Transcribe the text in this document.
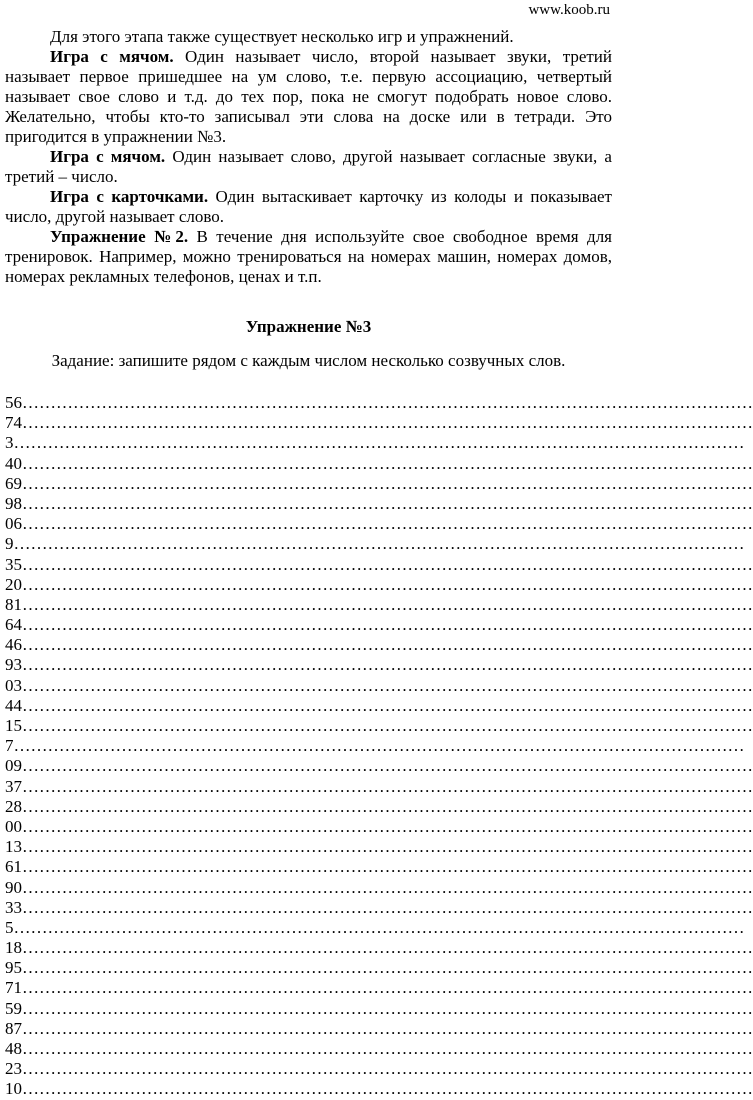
www.koob.ru

Для этого этапа также существует несколько игр и упражнений.

Игра с мячом. Один называет число, второй называет звуки, третий называет первое пришедшее на ум слово, т.е. первую ассоциацию, четвертый называет свое слово и т.д. до тех пор, пока не смогут подобрать новое слово. Желательно, чтобы кто-то записывал эти слова на доске или в тетради. Это пригодится в упражнении №3.

Игра с мячом. Один называет слово, другой называет согласные звуки, а третий – число.

Игра с карточками. Один вытаскивает карточку из колоды и показывает число, другой называет слово.

Упражнение №2. В течение дня используйте свое свободное время для тренировок. Например, можно тренироваться на номерах машин, номерах домов, номерах рекламных телефонов, ценах и т.п.

Упражнение №3

Задание: запишите рядом с каждым числом несколько созвучных слов.

56…………………………………………………………………………………………………………………
74…………………………………………………………………………………………………………………
3…………………………………………………………………………………………………………………
40…………………………………………………………………………………………………………………
69…………………………………………………………………………………………………………………
98…………………………………………………………………………………………………………………
06…………………………………………………………………………………………………………………
9…………………………………………………………………………………………………………………
35…………………………………………………………………………………………………………………
20…………………………………………………………………………………………………………………
81…………………………………………………………………………………………………………………
64…………………………………………………………………………………………………………………
46…………………………………………………………………………………………………………………
93…………………………………………………………………………………………………………………
03…………………………………………………………………………………………………………………
44…………………………………………………………………………………………………………………
15…………………………………………………………………………………………………………………
7…………………………………………………………………………………………………………………
09…………………………………………………………………………………………………………………
37…………………………………………………………………………………………………………………
28…………………………………………………………………………………………………………………
00…………………………………………………………………………………………………………………
13…………………………………………………………………………………………………………………
61…………………………………………………………………………………………………………………
90…………………………………………………………………………………………………………………
33…………………………………………………………………………………………………………………
5…………………………………………………………………………………………………………………
18…………………………………………………………………………………………………………………
95…………………………………………………………………………………………………………………
71…………………………………………………………………………………………………………………
59…………………………………………………………………………………………………………………
87…………………………………………………………………………………………………………………
48…………………………………………………………………………………………………………………
23…………………………………………………………………………………………………………………
10…………………………………………………………………………………………………………………
